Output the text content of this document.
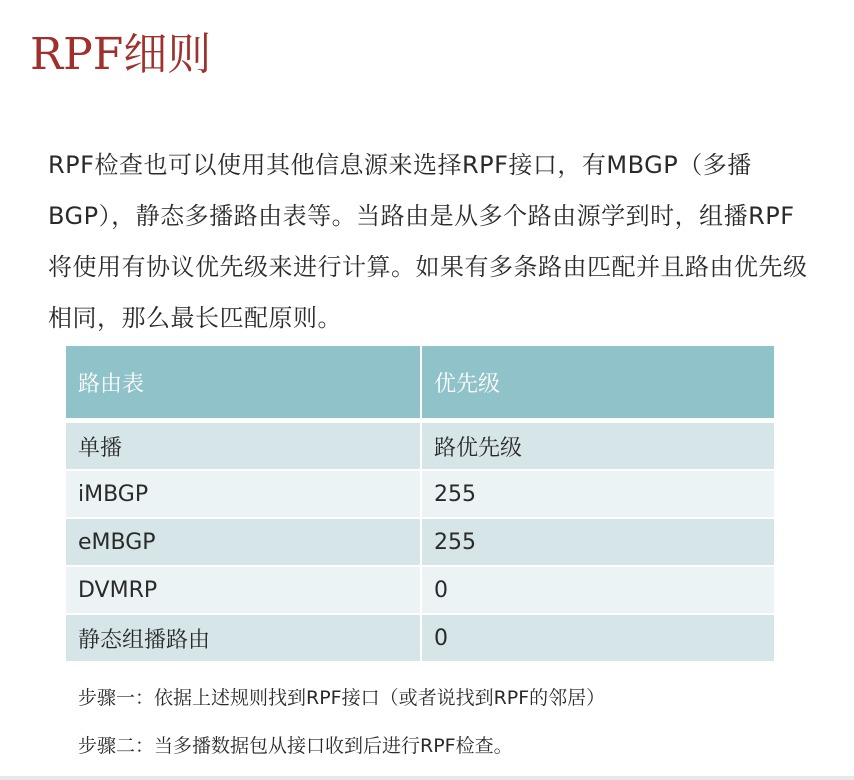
RPF细则
RPF检查也可以使用其他信息源来选择RPF接口，有MBGP（多播BGP），静态多播路由表等。当路由是从多个路由源学到时，组播RPF将使用有协议优先级来进行计算。如果有多条路由匹配并且路由优先级相同，那么最长匹配原则。
路由表	优先级
单播	路优先级
iMBGP	255
eMBGP	255
DVMRP	0
静态组播路由	0
步骤一：依据上述规则找到RPF接口（或者说找到RPF的邻居）
步骤二：当多播数据包从接口收到后进行RPF检查。
